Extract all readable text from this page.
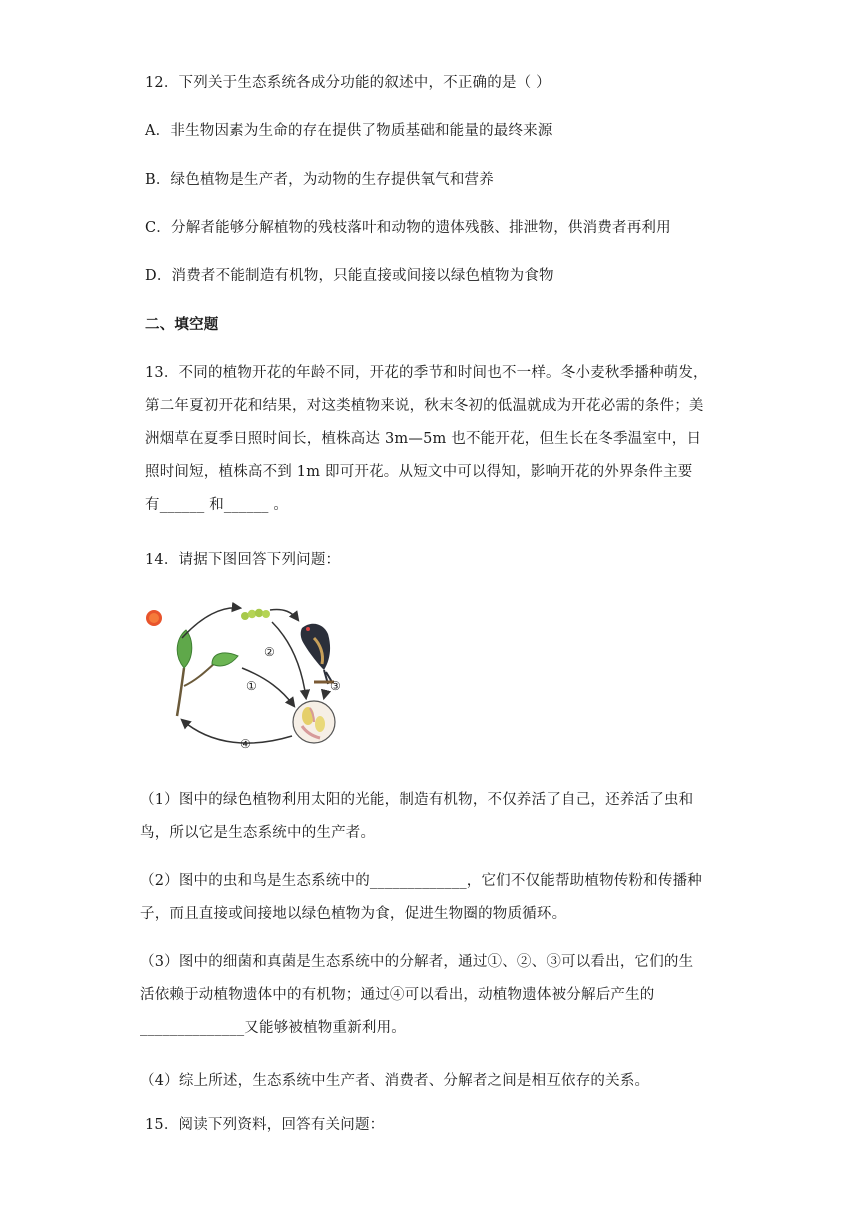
12．下列关于生态系统各成分功能的叙述中，不正确的是（ ）
A．非生物因素为生命的存在提供了物质基础和能量的最终来源
B．绿色植物是生产者，为动物的生存提供氧气和营养
C．分解者能够分解植物的残枝落叶和动物的遗体残骸、排泄物，供消费者再利用
D．消费者不能制造有机物，只能直接或间接以绿色植物为食物
二、填空题
13．不同的植物开花的年龄不同，开花的季节和时间也不一样。冬小麦秋季播种萌发，
第二年夏初开花和结果，对这类植物来说，秋末冬初的低温就成为开花必需的条件；美
洲烟草在夏季日照时间长，植株高达 3m—5m 也不能开花，但生长在冬季温室中，日
照时间短，植株高不到 1m 即可开花。从短文中可以得知，影响开花的外界条件主要
有______ 和______ 。
14．请据下图回答下列问题：
①
②
③
④
（1）图中的绿色植物利用太阳的光能，制造有机物，不仅养活了自己，还养活了虫和
鸟，所以它是生态系统中的生产者。
（2）图中的虫和鸟是生态系统中的_____________，它们不仅能帮助植物传粉和传播种
子，而且直接或间接地以绿色植物为食，促进生物圈的物质循环。
（3）图中的细菌和真菌是生态系统中的分解者，通过①、②、③可以看出，它们的生
活依赖于动植物遗体中的有机物；通过④可以看出，动植物遗体被分解后产生的
______________又能够被植物重新利用。
（4）综上所述，生态系统中生产者、消费者、分解者之间是相互依存的关系。
15．阅读下列资料，回答有关问题：
